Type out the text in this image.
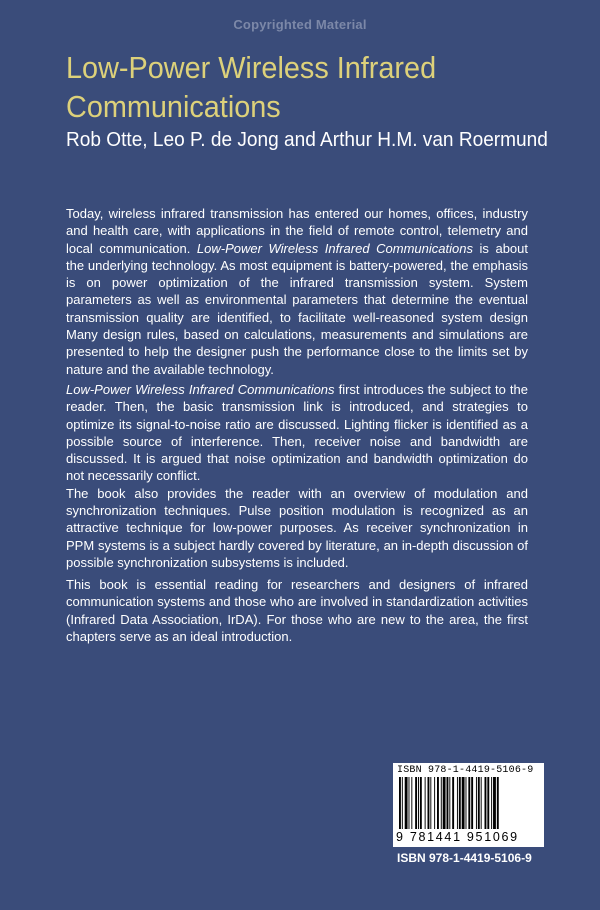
Copyrighted Material
Low-Power Wireless Infrared
Communications
Rob Otte, Leo P. de Jong and Arthur H.M. van Roermund
Today, wireless infrared transmission has entered our homes, offices, industry and health care, with applications in the field of remote control, telemetry and local communication. Low-Power Wireless Infrared Communications is about the underlying technology. As most equipment is battery-powered, the emphasis is on power optimization of the infrared transmission system. System parameters as well as environmental parameters that determine the eventual transmission quality are identified, to facilitate well-reasoned system design Many design rules, based on calculations, measurements and simulations are presented to help the designer push the performance close to the limits set by nature and the available technology.
Low-Power Wireless Infrared Communications first introduces the subject to the reader. Then, the basic transmission link is introduced, and strategies to optimize its signal-to-noise ratio are discussed. Lighting flicker is identified as a possible source of interference. Then, receiver noise and bandwidth are discussed. It is argued that noise optimization and bandwidth optimization do not necessarily conflict.
The book also provides the reader with an overview of modulation and synchronization techniques. Pulse position modulation is recognized as an attractive technique for low-power purposes. As receiver synchronization in PPM systems is a subject hardly covered by literature, an in-depth discussion of possible synchronization subsystems is included.
This book is essential reading for researchers and designers of infrared communication systems and those who are involved in standardization activities (Infrared Data Association, IrDA). For those who are new to the area, the first chapters serve as an ideal introduction.
ISBN 978-1-4419-5106-9
9 781441 951069
ISBN 978-1-4419-5106-9
